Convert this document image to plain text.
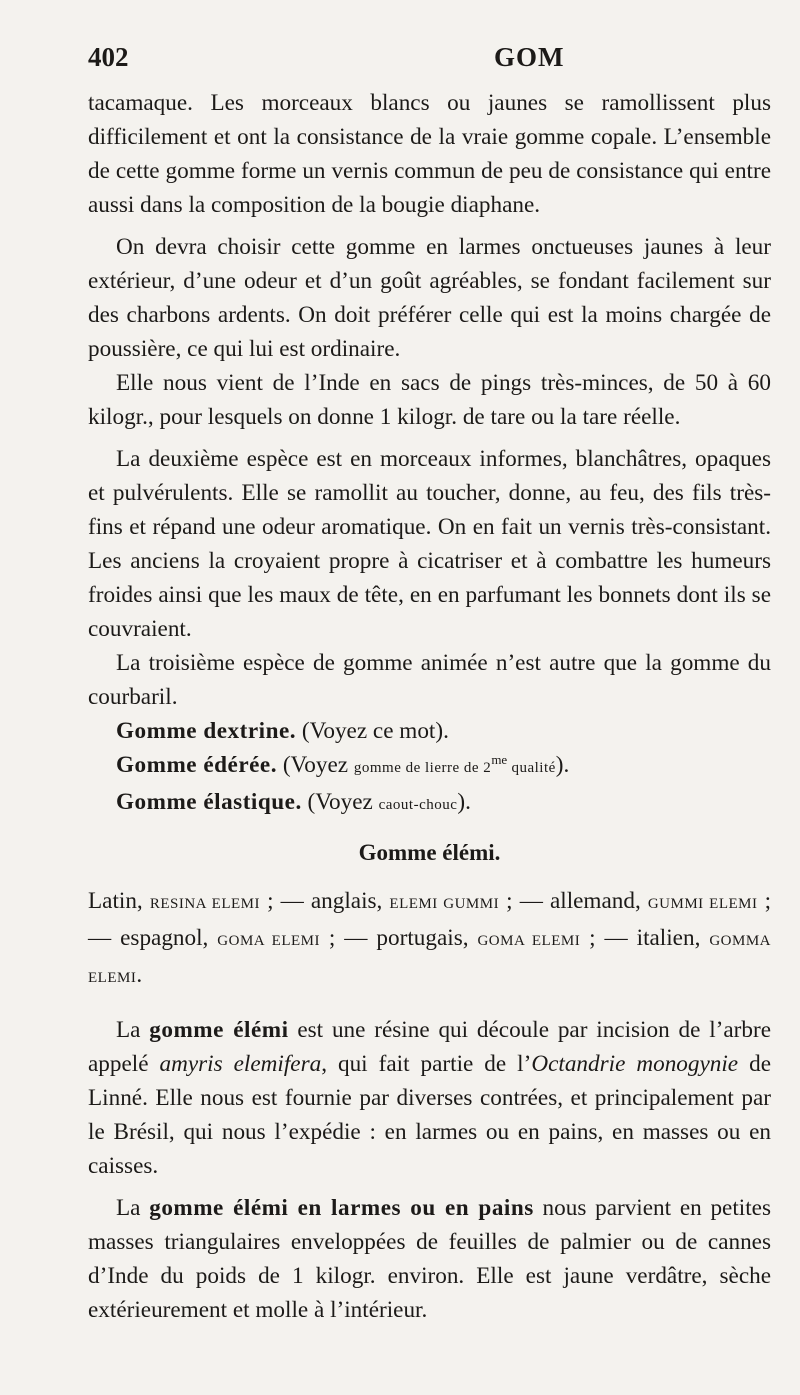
402	GOM

tacamaque. Les morceaux blancs ou jaunes se ramollissent plus difficilement et ont la consistance de la vraie gomme copale. L’ensemble de cette gomme forme un vernis commun de peu de consistance qui entre aussi dans la composition de la bougie diaphane.

On devra choisir cette gomme en larmes onctueuses jaunes à leur extérieur, d’une odeur et d’un goût agréables, se fondant facilement sur des charbons ardents. On doit préférer celle qui est la moins chargée de poussière, ce qui lui est ordinaire.

Elle nous vient de l’Inde en sacs de pings très-minces, de 50 à 60 kilogr., pour lesquels on donne 1 kilogr. de tare ou la tare réelle.

La deuxième espèce est en morceaux informes, blanchâtres, opaques et pulvérulents. Elle se ramollit au toucher, donne, au feu, des fils très-fins et répand une odeur aromatique. On en fait un vernis très-consistant. Les anciens la croyaient propre à cicatriser et à combattre les humeurs froides ainsi que les maux de tête, en en parfumant les bonnets dont ils se couvraient.

La troisième espèce de gomme animée n’est autre que la gomme du courbaril.

Gomme dextrine. (Voyez ce mot).

Gomme édérée. (Voyez gomme de lierre de $2^{me}$ qualité).

Gomme élastique. (Voyez caout-chouc).

Gomme élémi.

Latin, RESINA ELEMI ; — anglais, ELEMI GUMMI ; — allemand, GUMMI ELEMI ; — espagnol, GOMA ELEMI ; — portugais, GOMA ELEMI ; — italien, GOMMA ELEMI.

La gomme élémi est une résine qui découle par incision de l’arbre appelé amyris elemifera, qui fait partie de l’Octandrie monogynie de Linné. Elle nous est fournie par diverses contrées, et principalement par le Brésil, qui nous l’expédie : en larmes ou en pains, en masses ou en caisses.

La gomme élémi en larmes ou en pains nous parvient en petites masses triangulaires enveloppées de feuilles de palmier ou de cannes d’Inde du poids de 1 kilogr. environ. Elle est jaune verdâtre, sèche extérieurement et molle à l’intérieur.
